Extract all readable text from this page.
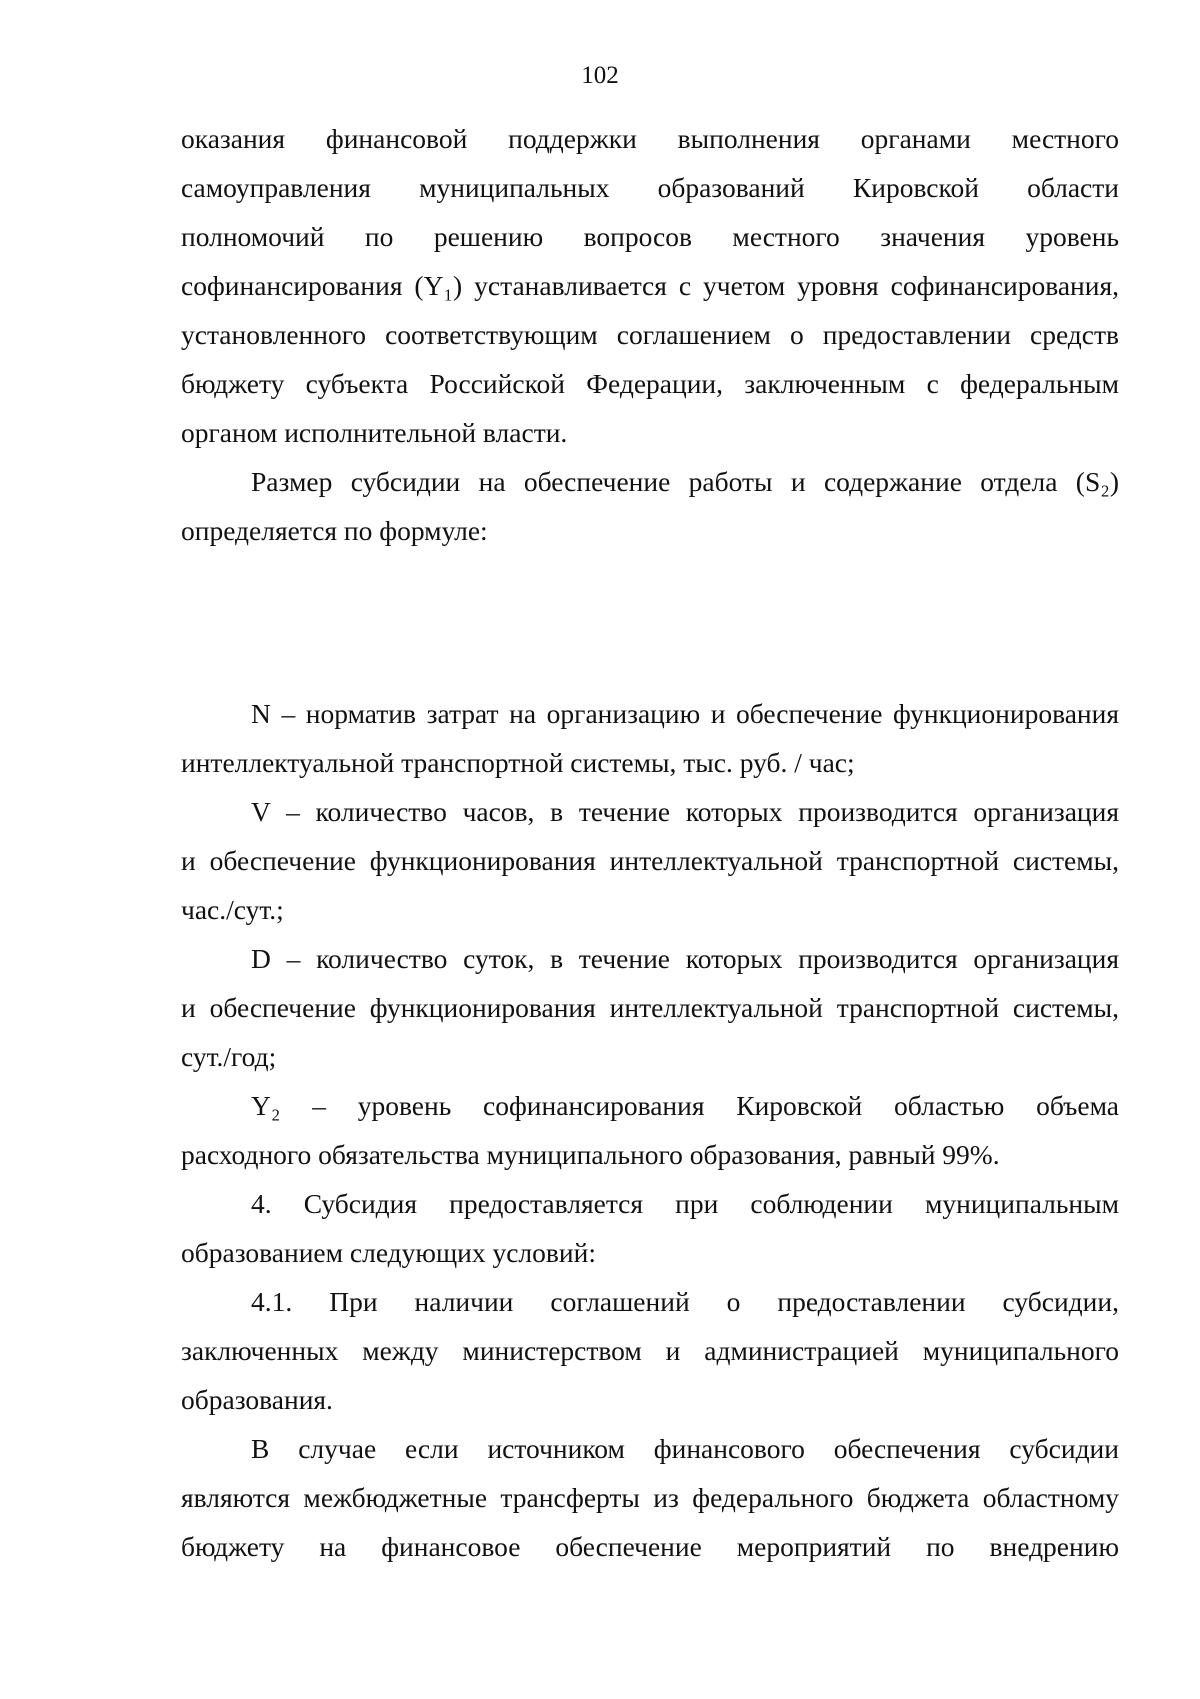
102
оказания финансовой поддержки выполнения органами местного
самоуправления муниципальных образований Кировской области
полномочий по решению вопросов местного значения уровень
софинансирования (Y₁) устанавливается с учетом уровня софинансирования,
установленного соответствующим соглашением о предоставлении средств
бюджету субъекта Российской Федерации, заключенным с федеральным
органом исполнительной власти.
Размер субсидии на обеспечение работы и содержание отдела (S₂)
определяется по формуле:
N – норматив затрат на организацию и обеспечение функционирования
интеллектуальной транспортной системы, тыс. руб. / час;
V – количество часов, в течение которых производится организация
и обеспечение функционирования интеллектуальной транспортной системы,
час./сут.;
D – количество суток, в течение которых производится организация
и обеспечение функционирования интеллектуальной транспортной системы,
сут./год;
Y₂ – уровень софинансирования Кировской областью объема
расходного обязательства муниципального образования, равный 99%.
4. Субсидия предоставляется при соблюдении муниципальным
образованием следующих условий:
4.1. При наличии соглашений о предоставлении субсидии,
заключенных между министерством и администрацией муниципального
образования.
В случае если источником финансового обеспечения субсидии
являются межбюджетные трансферты из федерального бюджета областному
бюджету на финансовое обеспечение мероприятий по внедрению
